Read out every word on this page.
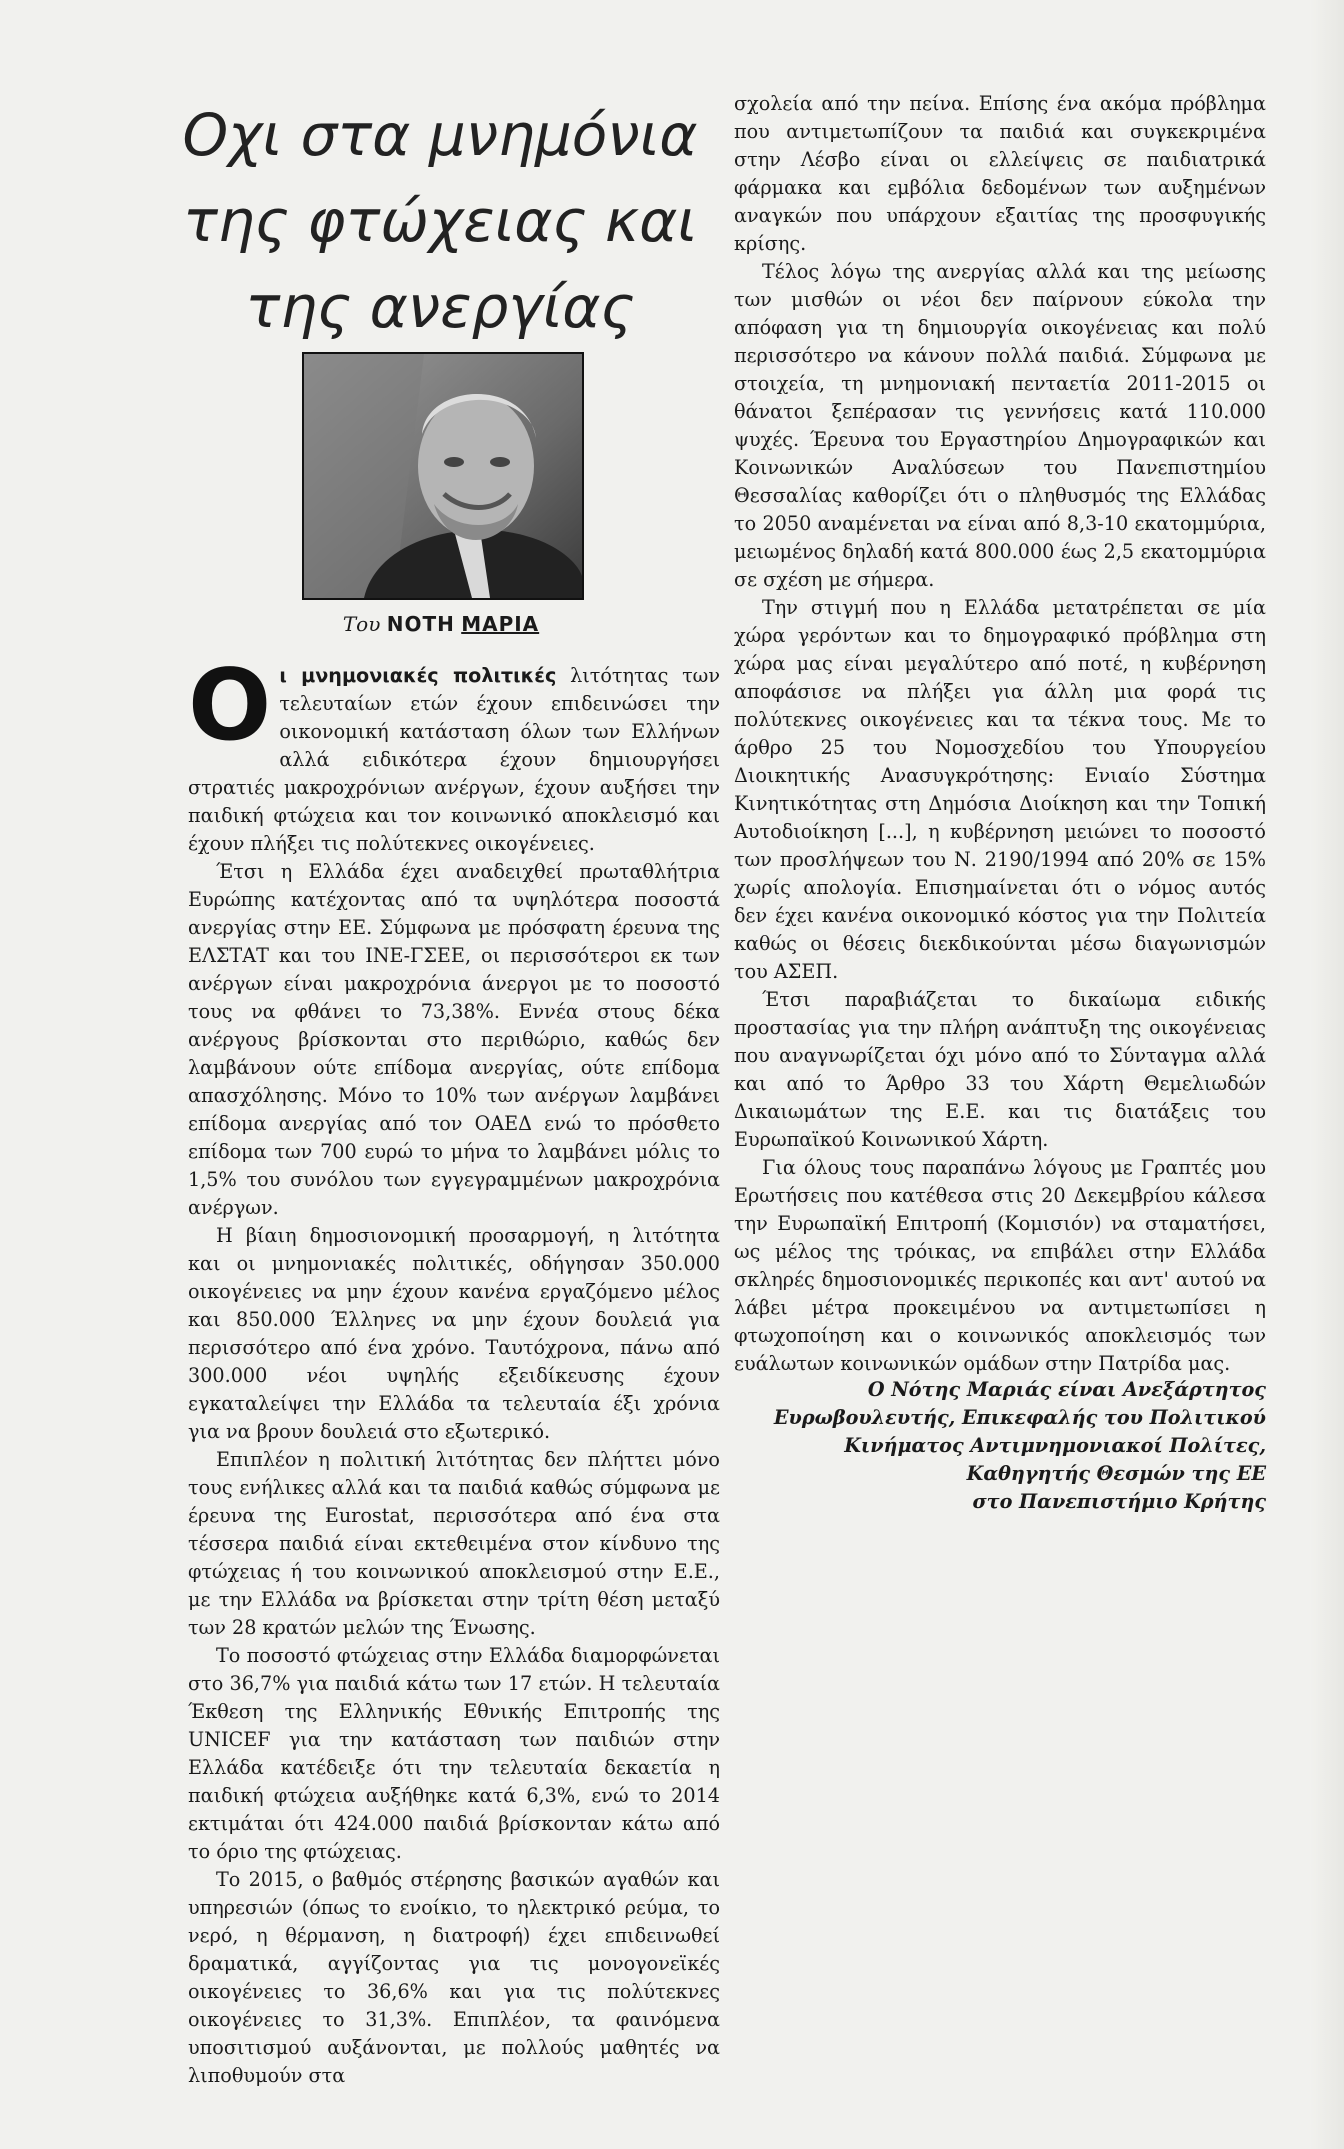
Οχι στα μνημόνια
της φτώχειας και
της ανεργίας

Του ΝΟΤΗ ΜΑΡΙΑ

Οι μνημονιακές πολιτικές λιτότητας των τελευταίων ετών έχουν επιδεινώσει την οικονομική κατάσταση όλων των Ελλήνων αλλά ειδικότερα έχουν δημιουργήσει στρατιές μακροχρόνιων ανέργων, έχουν αυξήσει την παιδική φτώχεια και τον κοινωνικό αποκλεισμό και έχουν πλήξει τις πολύτεκνες οικογένειες.

Έτσι η Ελλάδα έχει αναδειχθεί πρωταθλήτρια Ευρώπης κατέχοντας από τα υψηλότερα ποσοστά ανεργίας στην ΕΕ. Σύμφωνα με πρόσφατη έρευνα της ΕΛΣΤΑΤ και του ΙΝΕ-ΓΣΕΕ, οι περισσότεροι εκ των ανέργων είναι μακροχρόνια άνεργοι με το ποσοστό τους να φθάνει το 73,38%. Εννέα στους δέκα ανέργους βρίσκονται στο περιθώριο, καθώς δεν λαμβάνουν ούτε επίδομα ανεργίας, ούτε επίδομα απασχόλησης. Μόνο το 10% των ανέργων λαμβάνει επίδομα ανεργίας από τον ΟΑΕΔ ενώ το πρόσθετο επίδομα των 700 ευρώ το μήνα το λαμβάνει μόλις το 1,5% του συνόλου των εγγεγραμμένων μακροχρόνια ανέργων.

Η βίαιη δημοσιονομική προσαρμογή, η λιτότητα και οι μνημονιακές πολιτικές, οδήγησαν 350.000 οικογένειες να μην έχουν κανένα εργαζόμενο μέλος και 850.000 Έλληνες να μην έχουν δουλειά για περισσότερο από ένα χρόνο. Ταυτόχρονα, πάνω από 300.000 νέοι υψηλής εξειδίκευσης έχουν εγκαταλείψει την Ελλάδα τα τελευταία έξι χρόνια για να βρουν δουλειά στο εξωτερικό.

Επιπλέον η πολιτική λιτότητας δεν πλήττει μόνο τους ενήλικες αλλά και τα παιδιά καθώς σύμφωνα με έρευνα της Eurostat, περισσότερα από ένα στα τέσσερα παιδιά είναι εκτεθειμένα στον κίνδυνο της φτώχειας ή του κοινωνικού αποκλεισμού στην Ε.Ε., με την Ελλάδα να βρίσκεται στην τρίτη θέση μεταξύ των 28 κρατών μελών της Ένωσης.

Το ποσοστό φτώχειας στην Ελλάδα διαμορφώνεται στο 36,7% για παιδιά κάτω των 17 ετών. Η τελευταία Έκθεση της Ελληνικής Εθνικής Επιτροπής της UNICEF για την κατάσταση των παιδιών στην Ελλάδα κατέδειξε ότι την τελευταία δεκαετία η παιδική φτώχεια αυξήθηκε κατά 6,3%, ενώ το 2014 εκτιμάται ότι 424.000 παιδιά βρίσκονταν κάτω από το όριο της φτώχειας.

Το 2015, ο βαθμός στέρησης βασικών αγαθών και υπηρεσιών (όπως το ενοίκιο, το ηλεκτρικό ρεύμα, το νερό, η θέρμανση, η διατροφή) έχει επιδεινωθεί δραματικά, αγγίζοντας για τις μονογονεϊκές οικογένειες το 36,6% και για τις πολύτεκνες οικογένειες το 31,3%. Επιπλέον, τα φαινόμενα υποσιτισμού αυξάνονται, με πολλούς μαθητές να λιποθυμούν στα

σχολεία από την πείνα. Επίσης ένα ακόμα πρόβλημα που αντιμετωπίζουν τα παιδιά και συγκεκριμένα στην Λέσβο είναι οι ελλείψεις σε παιδιατρικά φάρμακα και εμβόλια δεδομένων των αυξημένων αναγκών που υπάρχουν εξαιτίας της προσφυγικής κρίσης.

Τέλος λόγω της ανεργίας αλλά και της μείωσης των μισθών οι νέοι δεν παίρνουν εύκολα την απόφαση για τη δημιουργία οικογένειας και πολύ περισσότερο να κάνουν πολλά παιδιά. Σύμφωνα με στοιχεία, τη μνημονιακή πενταετία 2011-2015 οι θάνατοι ξεπέρασαν τις γεννήσεις κατά 110.000 ψυχές. Έρευνα του Εργαστηρίου Δημογραφικών και Κοινωνικών Αναλύσεων του Πανεπιστημίου Θεσσαλίας καθορίζει ότι ο πληθυσμός της Ελλάδας το 2050 αναμένεται να είναι από 8,3-10 εκατομμύρια, μειωμένος δηλαδή κατά 800.000 έως 2,5 εκατομμύρια σε σχέση με σήμερα.

Την στιγμή που η Ελλάδα μετατρέπεται σε μία χώρα γερόντων και το δημογραφικό πρόβλημα στη χώρα μας είναι μεγαλύτερο από ποτέ, η κυβέρνηση αποφάσισε να πλήξει για άλλη μια φορά τις πολύτεκνες οικογένειες και τα τέκνα τους. Με το άρθρο 25 του Νομοσχεδίου του Υπουργείου Διοικητικής Ανασυγκρότησης: Ενιαίο Σύστημα Κινητικότητας στη Δημόσια Διοίκηση και την Τοπική Αυτοδιοίκηση [...], η κυβέρνηση μειώνει το ποσοστό των προσλήψεων του Ν. 2190/1994 από 20% σε 15% χωρίς απολογία. Επισημαίνεται ότι ο νόμος αυτός δεν έχει κανένα οικονομικό κόστος για την Πολιτεία καθώς οι θέσεις διεκδικούνται μέσω διαγωνισμών του ΑΣΕΠ.

Έτσι παραβιάζεται το δικαίωμα ειδικής προστασίας για την πλήρη ανάπτυξη της οικογένειας που αναγνωρίζεται όχι μόνο από το Σύνταγμα αλλά και από το Άρθρο 33 του Χάρτη Θεμελιωδών Δικαιωμάτων της Ε.Ε. και τις διατάξεις του Ευρωπαϊκού Κοινωνικού Χάρτη.

Για όλους τους παραπάνω λόγους με Γραπτές μου Ερωτήσεις που κατέθεσα στις 20 Δεκεμβρίου κάλεσα την Ευρωπαϊκή Επιτροπή (Κομισιόν) να σταματήσει, ως μέλος της τρόικας, να επιβάλει στην Ελλάδα σκληρές δημοσιονομικές περικοπές και αντ' αυτού να λάβει μέτρα προκειμένου να αντιμετωπίσει η φτωχοποίηση και ο κοινωνικός αποκλεισμός των ευάλωτων κοινωνικών ομάδων στην Πατρίδα μας.

Ο Νότης Μαριάς είναι Ανεξάρτητος
Ευρωβουλευτής, Επικεφαλής του Πολιτικού
Κινήματος Αντιμνημονιακοί Πολίτες,
Καθηγητής Θεσμών της ΕΕ
στο Πανεπιστήμιο Κρήτης
